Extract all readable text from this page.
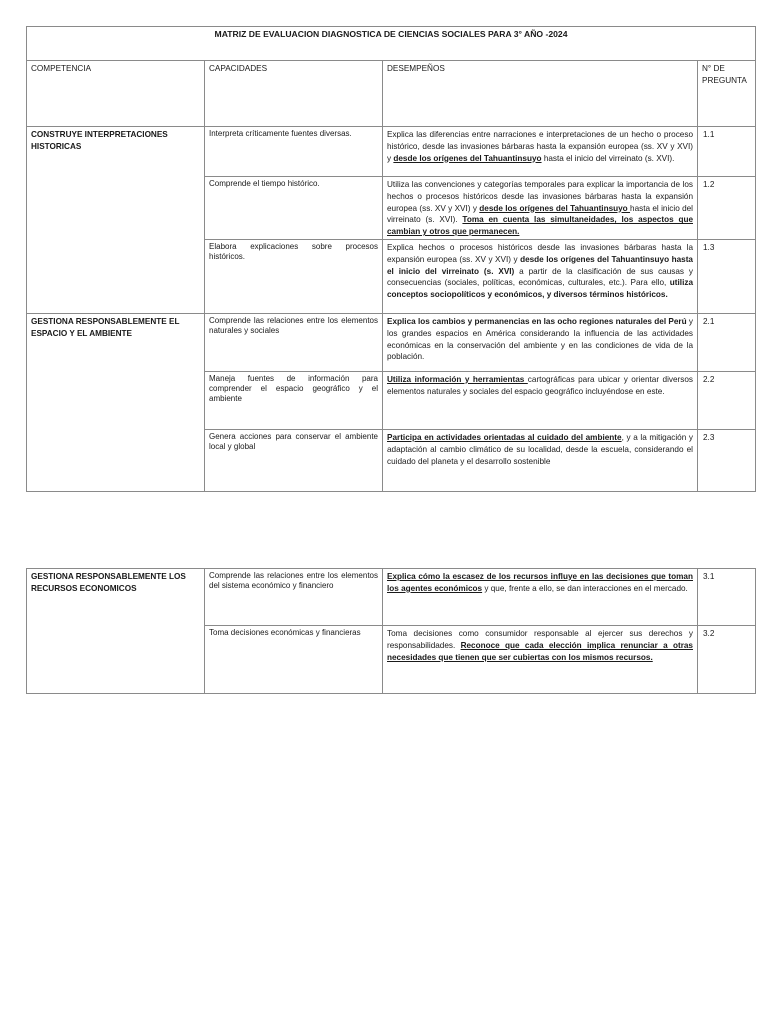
MATRIZ DE EVALUACION DIAGNOSTICA DE CIENCIAS SOCIALES PARA 3° AÑO -2024			

COMPETENCIA	CAPACIDADES	DESEMPEÑOS	N° DE PREGUNTA
CONSTRUYE INTERPRETACIONES HISTORICAS	Interpreta críticamente fuentes diversas.	Explica las diferencias entre narraciones e interpretaciones de un hecho o proceso histórico, desde las invasiones bárbaras hasta la expansión europea (ss. XV y XVI) y desde los orígenes del Tahuantinsuyo hasta el inicio del virreinato (s. XVI).	1.1
	Comprende el tiempo histórico.	Utiliza las convenciones y categorías temporales para explicar la importancia de los hechos o procesos históricos desde las invasiones bárbaras hasta la expansión europea (ss. XV y XVI) y desde los orígenes del Tahuantinsuyo hasta el inicio del virreinato (s. XVI). Toma en cuenta las simultaneidades, los aspectos que cambian y otros que permanecen.	1.2
	Elabora explicaciones sobre procesos históricos.	Explica hechos o procesos históricos desde las invasiones bárbaras hasta la expansión europea (ss. XV y XVI) y desde los orígenes del Tahuantinsuyo hasta el inicio del virreinato (s. XVI) a partir de la clasificación de sus causas y consecuencias (sociales, políticas, económicas, culturales, etc.). Para ello, utiliza conceptos sociopolíticos y económicos, y diversos términos históricos.	1.3
GESTIONA RESPONSABLEMENTE EL ESPACIO Y EL AMBIENTE	Comprende las relaciones entre los elementos naturales y sociales	Explica los cambios y permanencias en las ocho regiones naturales del Perú y los grandes espacios en América considerando la influencia de las actividades económicas en la conservación del ambiente y en las condiciones de vida de la población.	2.1
	Maneja fuentes de información para comprender el espacio geográfico y el ambiente	Utiliza información y herramientas cartográficas para ubicar y orientar diversos elementos naturales y sociales del espacio geográfico incluyéndose en este.	2.2
	Genera acciones para conservar el ambiente local y global	Participa en actividades orientadas al cuidado del ambiente, y a la mitigación y adaptación al cambio climático de su localidad, desde la escuela, considerando el cuidado del planeta y el desarrollo sostenible	2.3
GESTIONA RESPONSABLEMENTE LOS RECURSOS ECONOMICOS	Comprende las relaciones entre los elementos del sistema económico y financiero	Explica cómo la escasez de los recursos influye en las decisiones que toman los agentes económicos y que, frente a ello, se dan interacciones en el mercado.	3.1
	Toma decisiones económicas y financieras	Toma decisiones como consumidor responsable al ejercer sus derechos y responsabilidades. Reconoce que cada elección implica renunciar a otras necesidades que tienen que ser cubiertas con los mismos recursos.	3.2
